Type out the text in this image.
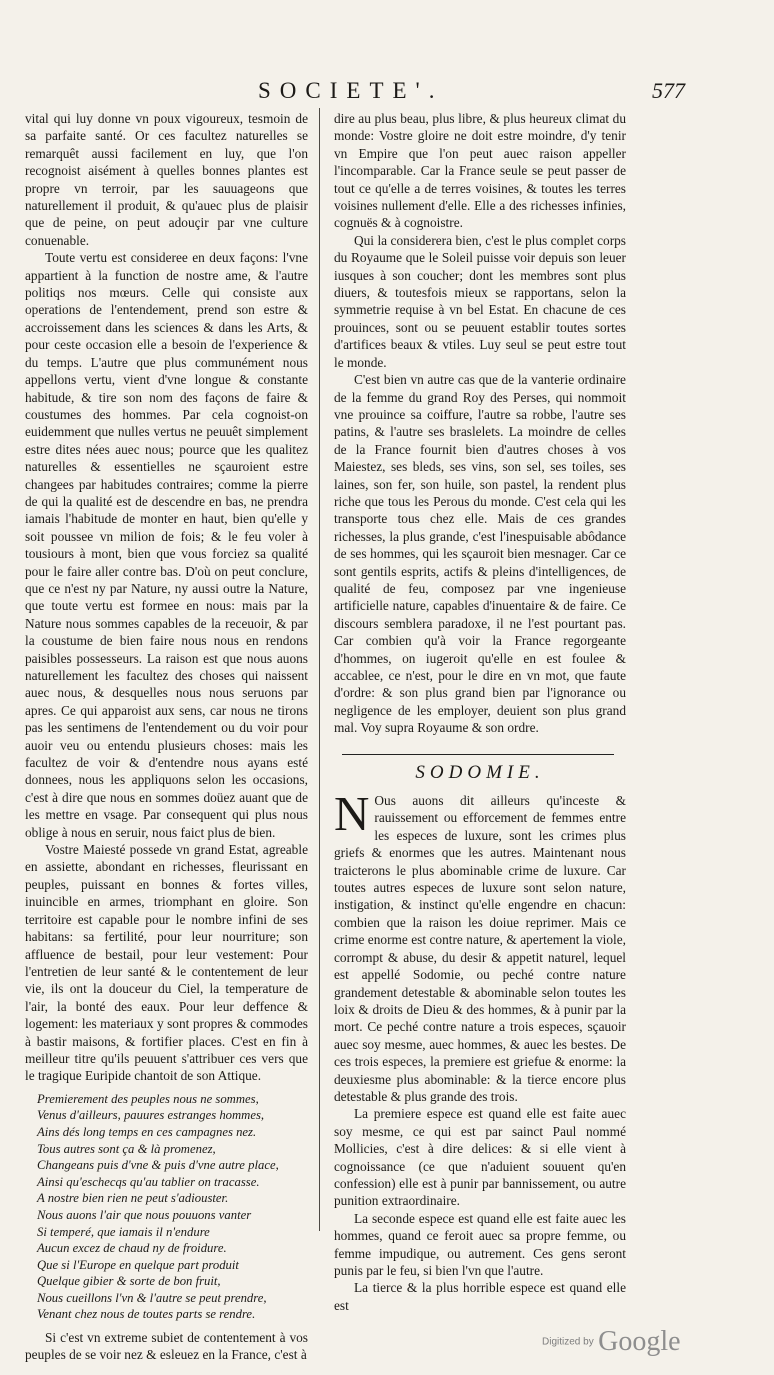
SOCIETE'.	577

vital qui luy donne vn poux vigoureux, tesmoin de sa parfaite santé. Or ces facultez naturelles se remarquêt aussi facilement en luy, que l'on recognoist aisément à quelles bonnes plantes est propre vn terroir, par les sauuageons que naturellement il produit, & qu'auec plus de plaisir que de peine, on peut adouçir par vne culture conuenable.

Toute vertu est consideree en deux façons: l'vne appartient à la function de nostre ame, & l'autre politiqs nos mœurs. Celle qui consiste aux operations de l'entendement, prend son estre & accroissement dans les sciences & dans les Arts, & pour ceste occasion elle a besoin de l'experience & du temps. L'autre que plus communément nous appellons vertu, vient d'vne longue & constante habitude, & tire son nom des façons de faire & coustumes des hommes. Par cela cognoist-on euidemment que nulles vertus ne peuuêt simplement estre dites nées auec nous; pource que les qualitez naturelles & essentielles ne sçauroient estre changees par habitudes contraires; comme la pierre de qui la qualité est de descendre en bas, ne prendra iamais l'habitude de monter en haut, bien qu'elle y soit poussee vn milion de fois; & le feu voler à tousiours à mont, bien que vous forciez sa qualité pour le faire aller contre bas. D'où on peut conclure, que ce n'est ny par Nature, ny aussi outre la Nature, que toute vertu est formee en nous: mais par la Nature nous sommes capables de la receuoir, & par la coustume de bien faire nous nous en rendons paisibles possesseurs. La raison est que nous auons naturellement les facultez des choses qui naissent auec nous, & desquelles nous nous seruons par apres. Ce qui apparoist aux sens, car nous ne tirons pas les sentimens de l'entendement ou du voir pour auoir veu ou entendu plusieurs choses: mais les facultez de voir & d'entendre nous ayans esté donnees, nous les appliquons selon les occasions, c'est à dire que nous en sommes doüez auant que de les mettre en vsage. Par consequent qui plus nous oblige à nous en seruir, nous faict plus de bien.

Vostre Maiesté possede vn grand Estat, agreable en assiette, abondant en richesses, fleurissant en peuples, puissant en bonnes & fortes villes, inuincible en armes, triomphant en gloire. Son territoire est capable pour le nombre infini de ses habitans: sa fertilité, pour leur nourriture; son affluence de bestail, pour leur vestement: Pour l'entretien de leur santé & le contentement de leur vie, ils ont la douceur du Ciel, la temperature de l'air, la bonté des eaux. Pour leur deffence & logement: les materiaux y sont propres & commodes à bastir maisons, & fortifier places. C'est en fin à meilleur titre qu'ils peuuent s'attribuer ces vers que le tragique Euripide chantoit de son Attique.

Premierement des peuples nous ne sommes,
Venus d'ailleurs, pauures estranges hommes,
Ains dés long temps en ces campagnes nez.
Tous autres sont ça & là promenez,
Changeans puis d'vne & puis d'vne autre place,
Ainsi qu'eschecqs qu'au tablier on tracasse.
A nostre bien rien ne peut s'adiouster.
Nous auons l'air que nous pouuons vanter
Si temperé, que iamais il n'endure
Aucun excez de chaud ny de froidure.
Que si l'Europe en quelque part produit
Quelque gibier & sorte de bon fruit,
Nous cueillons l'vn & l'autre se peut prendre,
Venant chez nous de toutes parts se rendre.

Si c'est vn extreme subiet de contentement à vos peuples de se voir nez & esleuez en la France, c'est à

dire au plus beau, plus libre, & plus heureux climat du monde: Vostre gloire ne doit estre moindre, d'y tenir vn Empire que l'on peut auec raison appeller l'incomparable. Car la France seule se peut passer de tout ce qu'elle a de terres voisines, & toutes les terres voisines nullement d'elle. Elle a des richesses infinies, cognuës & à cognoistre.

Qui la considerera bien, c'est le plus complet corps du Royaume que le Soleil puisse voir depuis son leuer iusques à son coucher; dont les membres sont plus diuers, & toutesfois mieux se rapportans, selon la symmetrie requise à vn bel Estat. En chacune de ces prouinces, sont ou se peuuent establir toutes sortes d'artifices beaux & vtiles. Luy seul se peut estre tout le monde.

C'est bien vn autre cas que de la vanterie ordinaire de la femme du grand Roy des Perses, qui nommoit vne prouince sa coiffure, l'autre sa robbe, l'autre ses patins, & l'autre ses braslelets. La moindre de celles de la France fournit bien d'autres choses à vos Maiestez, ses bleds, ses vins, son sel, ses toiles, ses laines, son fer, son huile, son pastel, la rendent plus riche que tous les Perous du monde. C'est cela qui les transporte tous chez elle. Mais de ces grandes richesses, la plus grande, c'est l'inespuisable abôdance de ses hommes, qui les sçauroit bien mesnager. Car ce sont gentils esprits, actifs & pleins d'intelligences, de qualité de feu, composez par vne ingenieuse artificielle nature, capables d'inuentaire & de faire. Ce discours semblera paradoxe, il ne l'est pourtant pas. Car combien qu'à voir la France regorgeante d'hommes, on iugeroit qu'elle en est foulee & accablee, ce n'est, pour le dire en vn mot, que faute d'ordre: & son plus grand bien par l'ignorance ou negligence de les employer, deuient son plus grand mal. Voy supra Royaume & son ordre.

SODOMIE.
N Ous auons dit ailleurs qu'inceste & rauissement ou efforcement de femmes entre les especes de luxure, sont les crimes plus griefs & enormes que les autres. Maintenant nous traicterons le plus abominable crime de luxure. Car toutes autres especes de luxure sont selon nature, instigation, & instinct qu'elle engendre en chacun: combien que la raison les doiue reprimer. Mais ce crime enorme est contre nature, & apertement la viole, corrompt & abuse, du desir & appetit naturel, lequel est appellé Sodomie, ou peché contre nature grandement detestable & abominable selon toutes les loix & droits de Dieu & des hommes, & à punir par la mort. Ce peché contre nature a trois especes, sçauoir auec soy mesme, auec hommes, & auec les bestes. De ces trois especes, la premiere est griefue & enorme: la deuxiesme plus abominable: & la tierce encore plus detestable & plus grande des trois.

La premiere espece est quand elle est faite auec soy mesme, ce qui est par sainct Paul nommé Mollicies, c'est à dire delices: & si elle vient à cognoissance (ce que n'aduient souuent qu'en confession) elle est à punir par bannissement, ou autre punition extraordinaire.

La seconde espece est quand elle est faite auec les hommes, quand ce feroit auec sa propre femme, ou femme impudique, ou autrement. Ces gens seront punis par le feu, si bien l'vn que l'autre.

La tierce & la plus horrible espece est quand elle est

Digitized by Google
